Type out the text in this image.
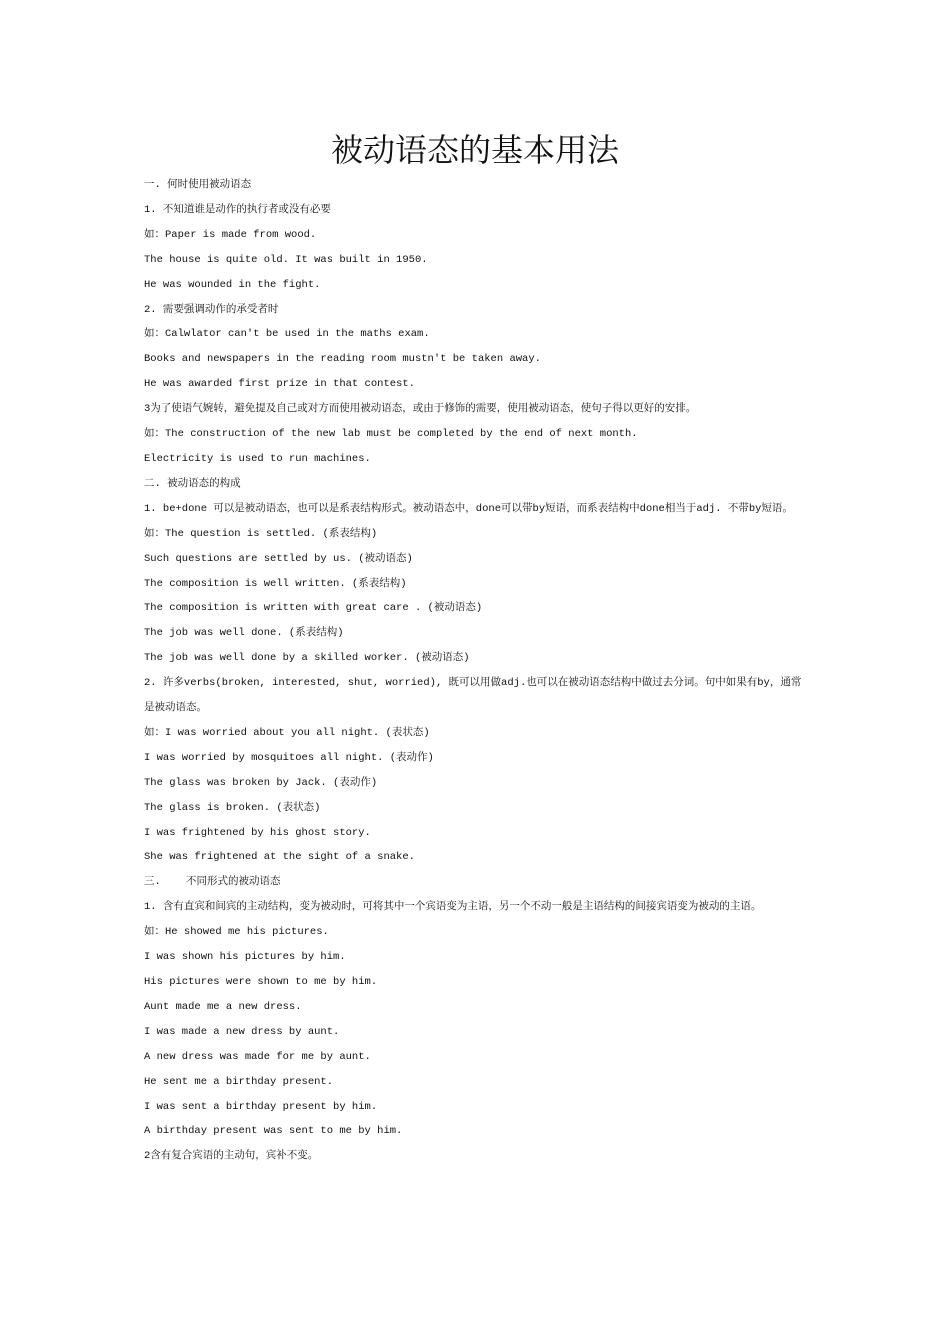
被动语态的基本用法

一. 何时使用被动语态

1. 不知道谁是动作的执行者或没有必要

如：Paper is made from wood.

The house is quite old. It was built in 1950.

He was wounded in the fight.

2. 需要强调动作的承受者时

如：Calwlator can't be used in the maths exam.

Books and newspapers in the reading room mustn't be taken away.

He was awarded first prize in that contest.

3为了使语气婉转，避免提及自己或对方而使用被动语态，或由于修饰的需要，使用被动语态，使句子得以更好的安排。

如：The construction of the new lab must be completed by the end of next month.

Electricity is used to run machines.

二. 被动语态的构成

1. be+done 可以是被动语态，也可以是系表结构形式。被动语态中，done可以带by短语，而系表结构中done相当于adj. 不带by短语。

如：The question is settled. (系表结构)

Such questions are settled by us. (被动语态)

The composition is well written. (系表结构)

The composition is written with great care . (被动语态)

The job was well done. (系表结构)

The job was well done by a skilled worker. (被动语态)

2. 许多verbs(broken, interested, shut, worried), 既可以用做adj.也可以在被动语态结构中做过去分词。句中如果有by，通常是被动语态。

如：I was worried about you all night. (表状态)

I was worried by mosquitoes all night. (表动作)

The glass was broken by Jack. (表动作)

The glass is broken. (表状态)

I was frightened by his ghost story.

She was frightened at the sight of a snake.

三.    不同形式的被动语态

1. 含有直宾和间宾的主动结构，变为被动时，可将其中一个宾语变为主语，另一个不动一般是主语结构的间接宾语变为被动的主语。

如：He showed me his pictures.

I was shown his pictures by him.

His pictures were shown to me by him.

Aunt made me a new dress.

I was made a new dress by aunt.

A new dress was made for me by aunt.

He sent me a birthday present.

I was sent a birthday present by him.

A birthday present was sent to me by him.

2含有复合宾语的主动句，宾补不变。
